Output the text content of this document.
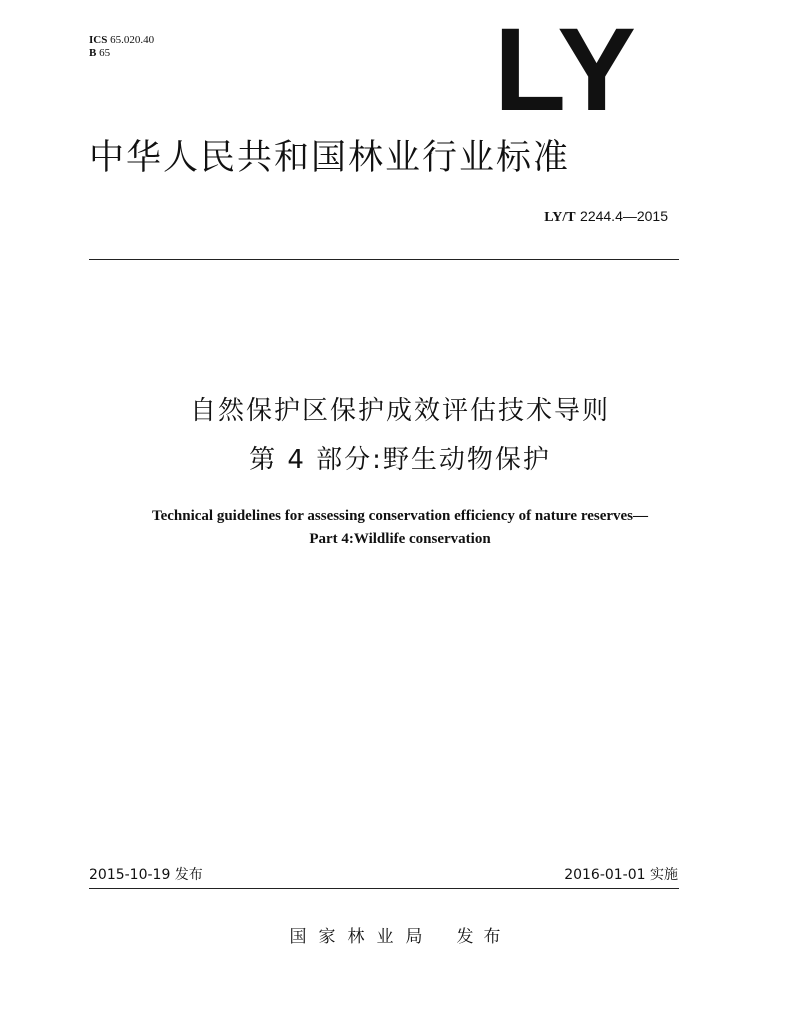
ICS 65.020.40
B 65	LY
中华人民共和国林业行业标准
LY/T 2244.4—2015
自然保护区保护成效评估技术导则
第 4 部分:野生动物保护
Technical guidelines for assessing conservation efficiency of nature reserves—
Part 4:Wildlife conservation
2015-10-19 发布	2016-01-01 实施
国家林业局 发布
